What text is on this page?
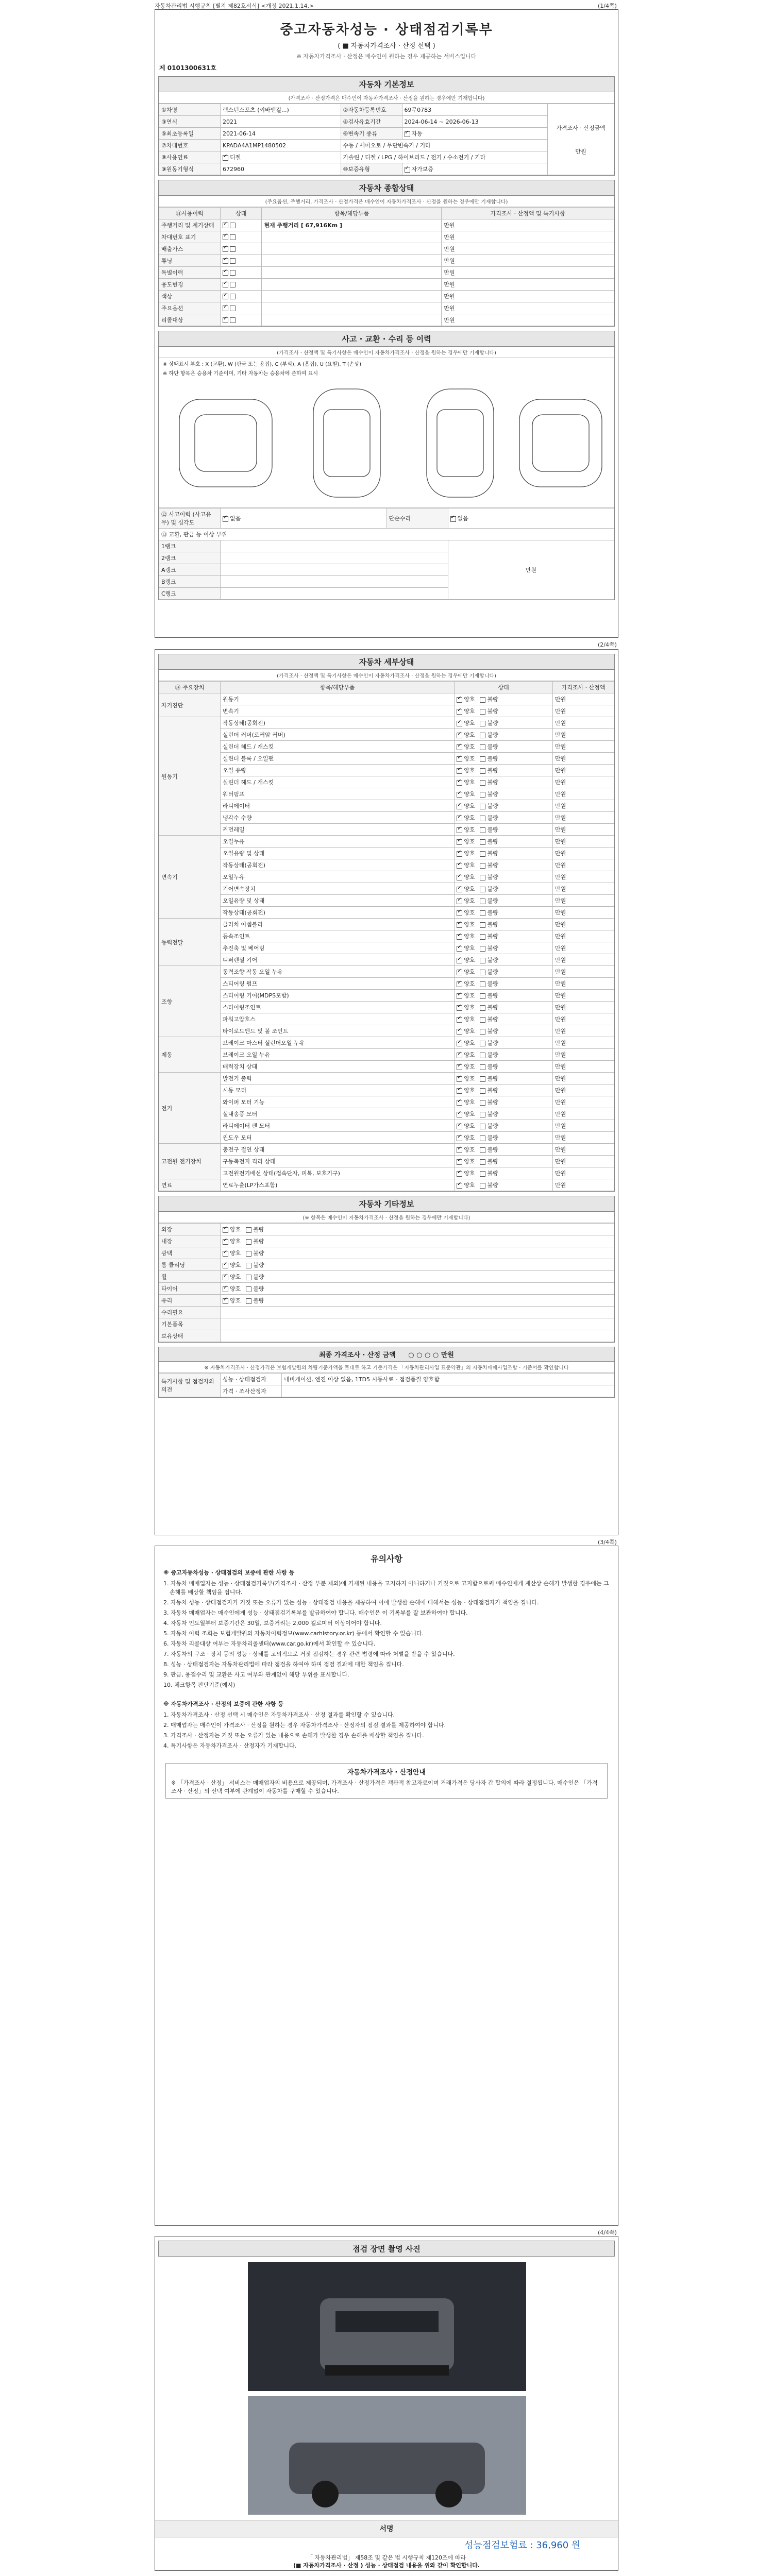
자동차관리법 시행규칙 [별지 제82호서식] <개정 2021.1.14.>	(1/4쪽)
중고자동차성능 · 상태점검기록부
( ■ 자동차가격조사 · 산정 선택 )
※ 자동차가격조사 · 산정은 매수인이 원하는 경우 제공하는 서비스입니다
제 0101300631호
자동차 기본정보
(가격조사 · 산정가격은 매수인이 자동차가격조사 · 산정을 원하는 경우에만 기재합니다)
①차명	렉스턴스포츠 (씨바앤길...)	②자동차등록번호	69무0783	가격조사 · 산정금액
만원

③연식	2021	④검사유효기간	2024-06-14 ~ 2026-06-13	
⑤최초등록일	2021-06-14	⑥변속기 종류	✓자동
⑦차대번호	KPADA4A1MP1480502	수동 / 세미오토 / 무단변속기 / 기타		
⑧사용연료	✓디젤	가솔린 / 디젤 / LPG / 하이브리드 / 전기 / 수소전기 / 기타		
⑨원동기형식	672960	⑩보증유형	✓자가보증
자동차 종합상태
(주요옵션, 주행거리, 가격조사 · 산정가격은 매수인이 자동차가격조사 · 산정을 원하는 경우에만 기재합니다)
⑪사용이력	상태	항목/해당부품	가격조사 · 산정액 및 특기사항
주행거리 및 계기상태	✓	현재 주행거리 [ 67,916Km ]	만원
차대번호 표기	✓		만원
배출가스	✓		만원
튜닝	✓		만원
특별이력	✓		만원
용도변경	✓		만원
색상	✓		만원
주요옵션	✓		만원
리콜대상	✓		만원
사고 · 교환 · 수리 등 이력
(가격조사 · 산정액 및 특기사항은 매수인이 자동차가격조사 · 산정을 원하는 경우에만 기재합니다)
※ 상태표시 부호 : X (교환), W (판금 또는 용접), C (부식), A (흠집), U (요철), T (손상)
※ 하단 항목은 승용차 기준이며, 기타 자동차는 승용차에 준하여 표시
⑫ 사고이력 (사고유무) 및 심각도	✓없음	단순수리	✓없음
⑬ 교환, 판금 등 이상 부위			
1랭크			만원
2랭크			
A랭크			
B랭크			
C랭크			
(2/4쪽)
자동차 세부상태
(가격조사 · 산정액 및 특기사항은 매수인이 자동차가격조사 · 산정을 원하는 경우에만 기재합니다)
⑭ 주요장치	항목/해당부품	상태	가격조사 · 산정액
자기진단	원동기	✓양호 불량	만원
	변속기	✓양호 불량	만원
원동기	작동상태(공회전)	✓양호 불량	만원
	실린더 커버(로커암 커버)	✓양호 불량	만원
	실린더 헤드 / 개스킷	✓양호 불량	만원
	실린더 블록 / 오일팬	✓양호 불량	만원
	오일 유량	✓양호 불량	만원
	실린더 헤드 / 개스킷	✓양호 불량	만원
	워터펌프	✓양호 불량	만원
	라디에이터	✓양호 불량	만원
	냉각수 수량	✓양호 불량	만원
	커먼레일	✓양호 불량	만원
변속기	오일누유	✓양호 불량	만원
	오일유량 및 상태	✓양호 불량	만원
	작동상태(공회전)	✓양호 불량	만원
	오일누유	✓양호 불량	만원
	기어변속장치	✓양호 불량	만원
	오일유량 및 상태	✓양호 불량	만원
	작동상태(공회전)	✓양호 불량	만원
동력전달	클러치 어셈블리	✓양호 불량	만원
	등속조인트	✓양호 불량	만원
	추진축 및 베어링	✓양호 불량	만원
	디퍼렌셜 기어	✓양호 불량	만원
조향	동력조향 작동 오일 누유	✓양호 불량	만원
	스티어링 펌프	✓양호 불량	만원
	스티어링 기어(MDPS포함)	✓양호 불량	만원
	스티어링조인트	✓양호 불량	만원
	파워고압호스	✓양호 불량	만원
	타이로드엔드 및 볼 조인트	✓양호 불량	만원
제동	브레이크 마스터 실린더오일 누유	✓양호 불량	만원
	브레이크 오일 누유	✓양호 불량	만원
	배력장치 상태	✓양호 불량	만원
전기	발전기 출력	✓양호 불량	만원
	시동 모터	✓양호 불량	만원
	와이퍼 모터 기능	✓양호 불량	만원
	실내송풍 모터	✓양호 불량	만원
	라디에이터 팬 모터	✓양호 불량	만원
	윈도우 모터	✓양호 불량	만원
고전원 전기장치	충전구 절연 상태	✓양호 불량	만원
	구동축전지 격리 상태	✓양호 불량	만원
	고전원전기배선 상태(접속단자, 피복, 보호기구)	✓양호 불량	만원
연료	연료누출(LP가스포함)	✓양호 불량	만원
자동차 기타정보
(※ 항목은 매수인이 자동차가격조사 · 산정을 원하는 경우에만 기재합니다)
외장	✓양호 불량
내장	✓양호 불량
광택	✓양호 불량
룸 클리닝	✓양호 불량
휠	✓양호 불량
타이어	✓양호 불량
유리	✓양호 불량
수리필요	
기본품목	
보유상태	
최종 가격조사 · 산정 금액 ○ ○ ○ ○ 만원
※ 자동차가격조사 · 산정가격은 보험개발원의 차량기준가액을 토대로 하고 기준가격은 「자동차관리사업 표준약관」의 자동차매매사업조합 · 기준서를 확인합니다
특기사항 및 점검자의 의견	성능 · 상태점검자	내비게이션, 엔진 이상 없음, 1TD5 시동사료 - 점검품질 양호함
	가격 · 조사산정자	
(3/4쪽)
유의사항
※ 중고자동차성능 · 상태점검의 보증에 관한 사항 등

1. 자동차 매매업자는 성능 · 상태점검기록부(가격조사 · 산정 부분 제외)에 기재된 내용을 고지하지 아니하거나 거짓으로 고지함으로써 매수인에게 재산상 손해가 발생한 경우에는 그 손해를 배상할 책임을 집니다.

2. 자동차 성능 · 상태점검자가 거짓 또는 오류가 있는 성능 · 상태점검 내용을 제공하여 이에 발생한 손해에 대해서는 성능 · 상태점검자가 책임을 집니다.

3. 자동차 매매업자는 매수인에게 성능 · 상태점검기록부를 발급하여야 합니다. 매수인은 이 기록부를 잘 보관하여야 합니다.

4. 자동차 인도일부터 보증기간은 30일, 보증거리는 2,000 킬로미터 이상이어야 합니다.

5. 자동차 이력 조회는 보험개발원의 자동차이력정보(www.carhistory.or.kr) 등에서 확인할 수 있습니다.

6. 자동차 리콜대상 여부는 자동차리콜센터(www.car.go.kr)에서 확인할 수 있습니다.

7. 자동차의 구조 · 장치 등의 성능 · 상태를 고의적으로 거짓 점검하는 경우 관련 법령에 따라 처벌을 받을 수 있습니다.

8. 성능 · 상태점검자는 자동차관리법에 따라 점검을 하여야 하며 점검 결과에 대한 책임을 집니다.

9. 판금, 용접수리 및 교환은 사고 여부와 관계없이 해당 부위를 표시합니다.

10. 체크항목 판단기준(예시)

※ 자동차가격조사 · 산정의 보증에 관한 사항 등

1. 자동차가격조사 · 산정 선택 시 매수인은 자동차가격조사 · 산정 결과를 확인할 수 있습니다.

2. 매매업자는 매수인이 가격조사 · 산정을 원하는 경우 자동차가격조사 · 산정자의 점검 결과를 제공하여야 합니다.

3. 가격조사 · 산정자는 거짓 또는 오류가 있는 내용으로 손해가 발생한 경우 손해를 배상할 책임을 집니다.

4. 특기사항은 자동차가격조사 · 산정자가 기재합니다.

자동차가격조사 · 산정안내
※ 「가격조사 · 산정」 서비스는 매매업자의 비용으로 제공되며, 가격조사 · 산정가격은 객관적 참고자료이며 거래가격은 당사자 간 합의에 따라 결정됩니다. 매수인은 「가격조사 · 산정」의 선택 여부에 관계없이 자동차를 구매할 수 있습니다.
(4/4쪽)
점검 장면 촬영 사진
서명
성능점검보험료 : 36,960 원
「 자동차관리법」 제58조 및 같은 법 시행규칙 제120조에 따라
(■ 자동차가격조사 · 산정 ) 성능 · 상태점검 내용을 위와 같이 확인합니다.
